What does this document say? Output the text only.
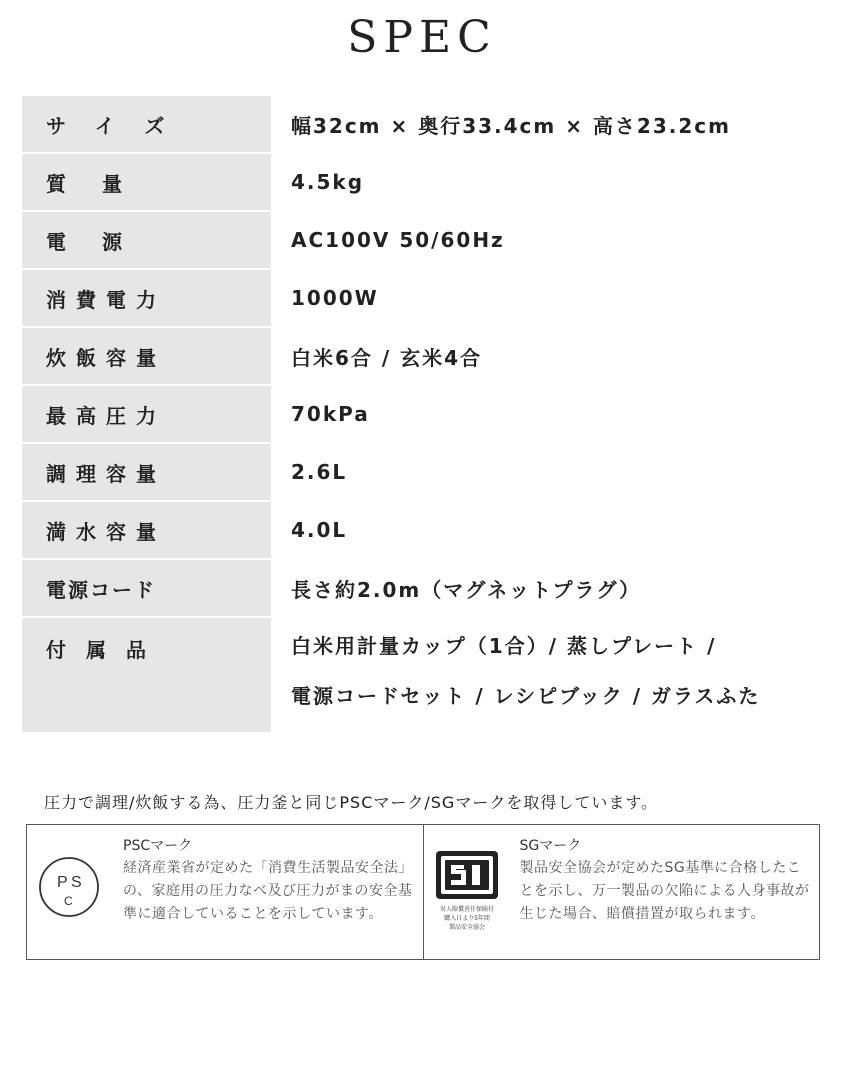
SPEC
サイズ	幅32cm × 奥行33.4cm × 高さ23.2cm
質量	4.5kg
電源	AC100V 50/60Hz
消費電力	1000W
炊飯容量	白米6合 / 玄米4合
最高圧力	70kPa
調理容量	2.6L
満水容量	4.0L
電源コード	長さ約2.0m（マグネットプラグ）
付属品	白米用計量カップ（1合）/ 蒸しプレート /
電源コードセット / レシピブック / ガラスふた
圧力で調理/炊飯する為、圧力釜と同じPSCマーク/SGマークを取得しています。
P S
C
PSCマーク
経済産業省が定めた「消費生活製品安全法」の、家庭用の圧力なべ及び圧力がまの安全基準に適合していることを示しています。	対人賠償責任保険付
購入日より5年間
製品安全協会
SGマーク
製品安全協会が定めたSG基準に合格したことを示し、万一製品の欠陥による人身事故が生じた場合、賠償措置が取られます。
